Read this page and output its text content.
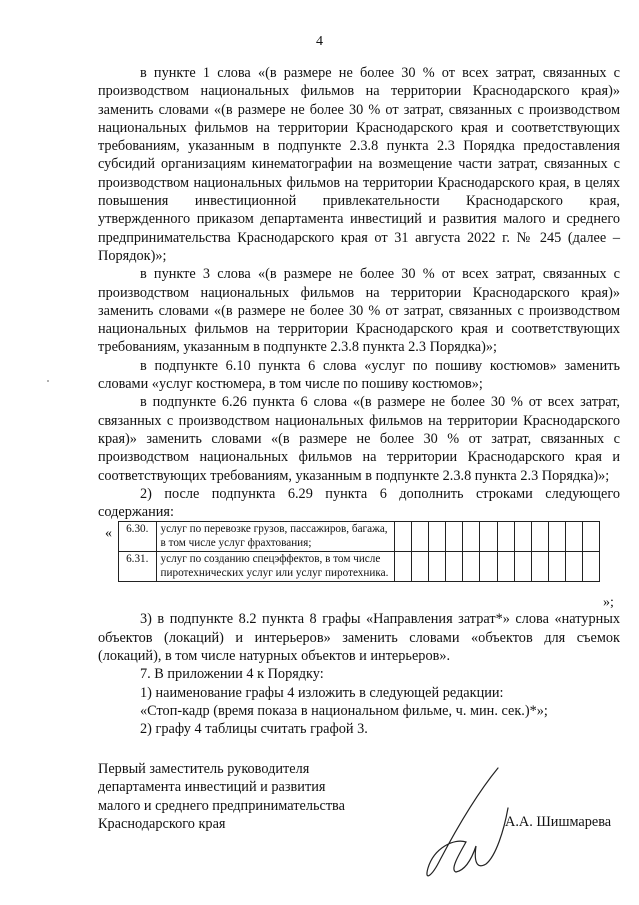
4

в пункте 1 слова «(в размере не более 30 % от всех затрат, связанных с производством национальных фильмов на территории Краснодарского края)» заменить словами «(в размере не более 30 % от затрат, связанных с производством национальных фильмов на территории Краснодарского края и соответствующих требованиям, указанным в подпункте 2.3.8 пункта 2.3 Порядка предоставления субсидий организациям кинематографии на возмещение части затрат, связанных с производством национальных фильмов на территории Краснодарского края, в целях повышения инвестиционной привлекательности Краснодарского края, утвержденного приказом департамента инвестиций и развития малого и среднего предпринимательства Краснодарского края от 31 августа 2022 г. № 245 (далее – Порядок)»;

в пункте 3 слова «(в размере не более 30 % от всех затрат, связанных с производством национальных фильмов на территории Краснодарского края)» заменить словами «(в размере не более 30 % от затрат, связанных с производством национальных фильмов на территории Краснодарского края и соответствующих требованиям, указанным в подпункте 2.3.8 пункта 2.3 Порядка)»;

в подпункте 6.10 пункта 6 слова «услуг по пошиву костюмов» заменить словами «услуг костюмера, в том числе по пошиву костюмов»;

в подпункте 6.26 пункта 6 слова «(в размере не более 30 % от всех затрат, связанных с производством национальных фильмов на территории Краснодарского края)» заменить словами «(в размере не более 30 % от затрат, связанных с производством национальных фильмов на территории Краснодарского края и соответствующих требованиям, указанным в подпункте 2.3.8 пункта 2.3 Порядка)»;

2) после подпункта 6.29 пункта 6 дополнить строками следующего содержания:

« 6.30.	услуг по перевозке грузов, пассажиров, багажа, в том числе услуг фрахтования;												
6.31.	услуг по созданию спецэффектов, в том числе пиротехнических услуг или услуг пиротехника.												
»;

3) в подпункте 8.2 пункта 8 графы «Направления затрат*» слова «натурных объектов (локаций) и интерьеров» заменить словами «объектов для съемок (локаций), в том числе натурных объектов и интерьеров».

7. В приложении 4 к Порядку:

1) наименование графы 4 изложить в следующей редакции:

«Стоп-кадр (время показа в национальном фильме, ч. мин. сек.)*»;

2) графу 4 таблицы считать графой 3.

Первый заместитель руководителя
департамента инвестиций и развития
малого и среднего предпринимательства
Краснодарского края	А.А. Шишмарева
